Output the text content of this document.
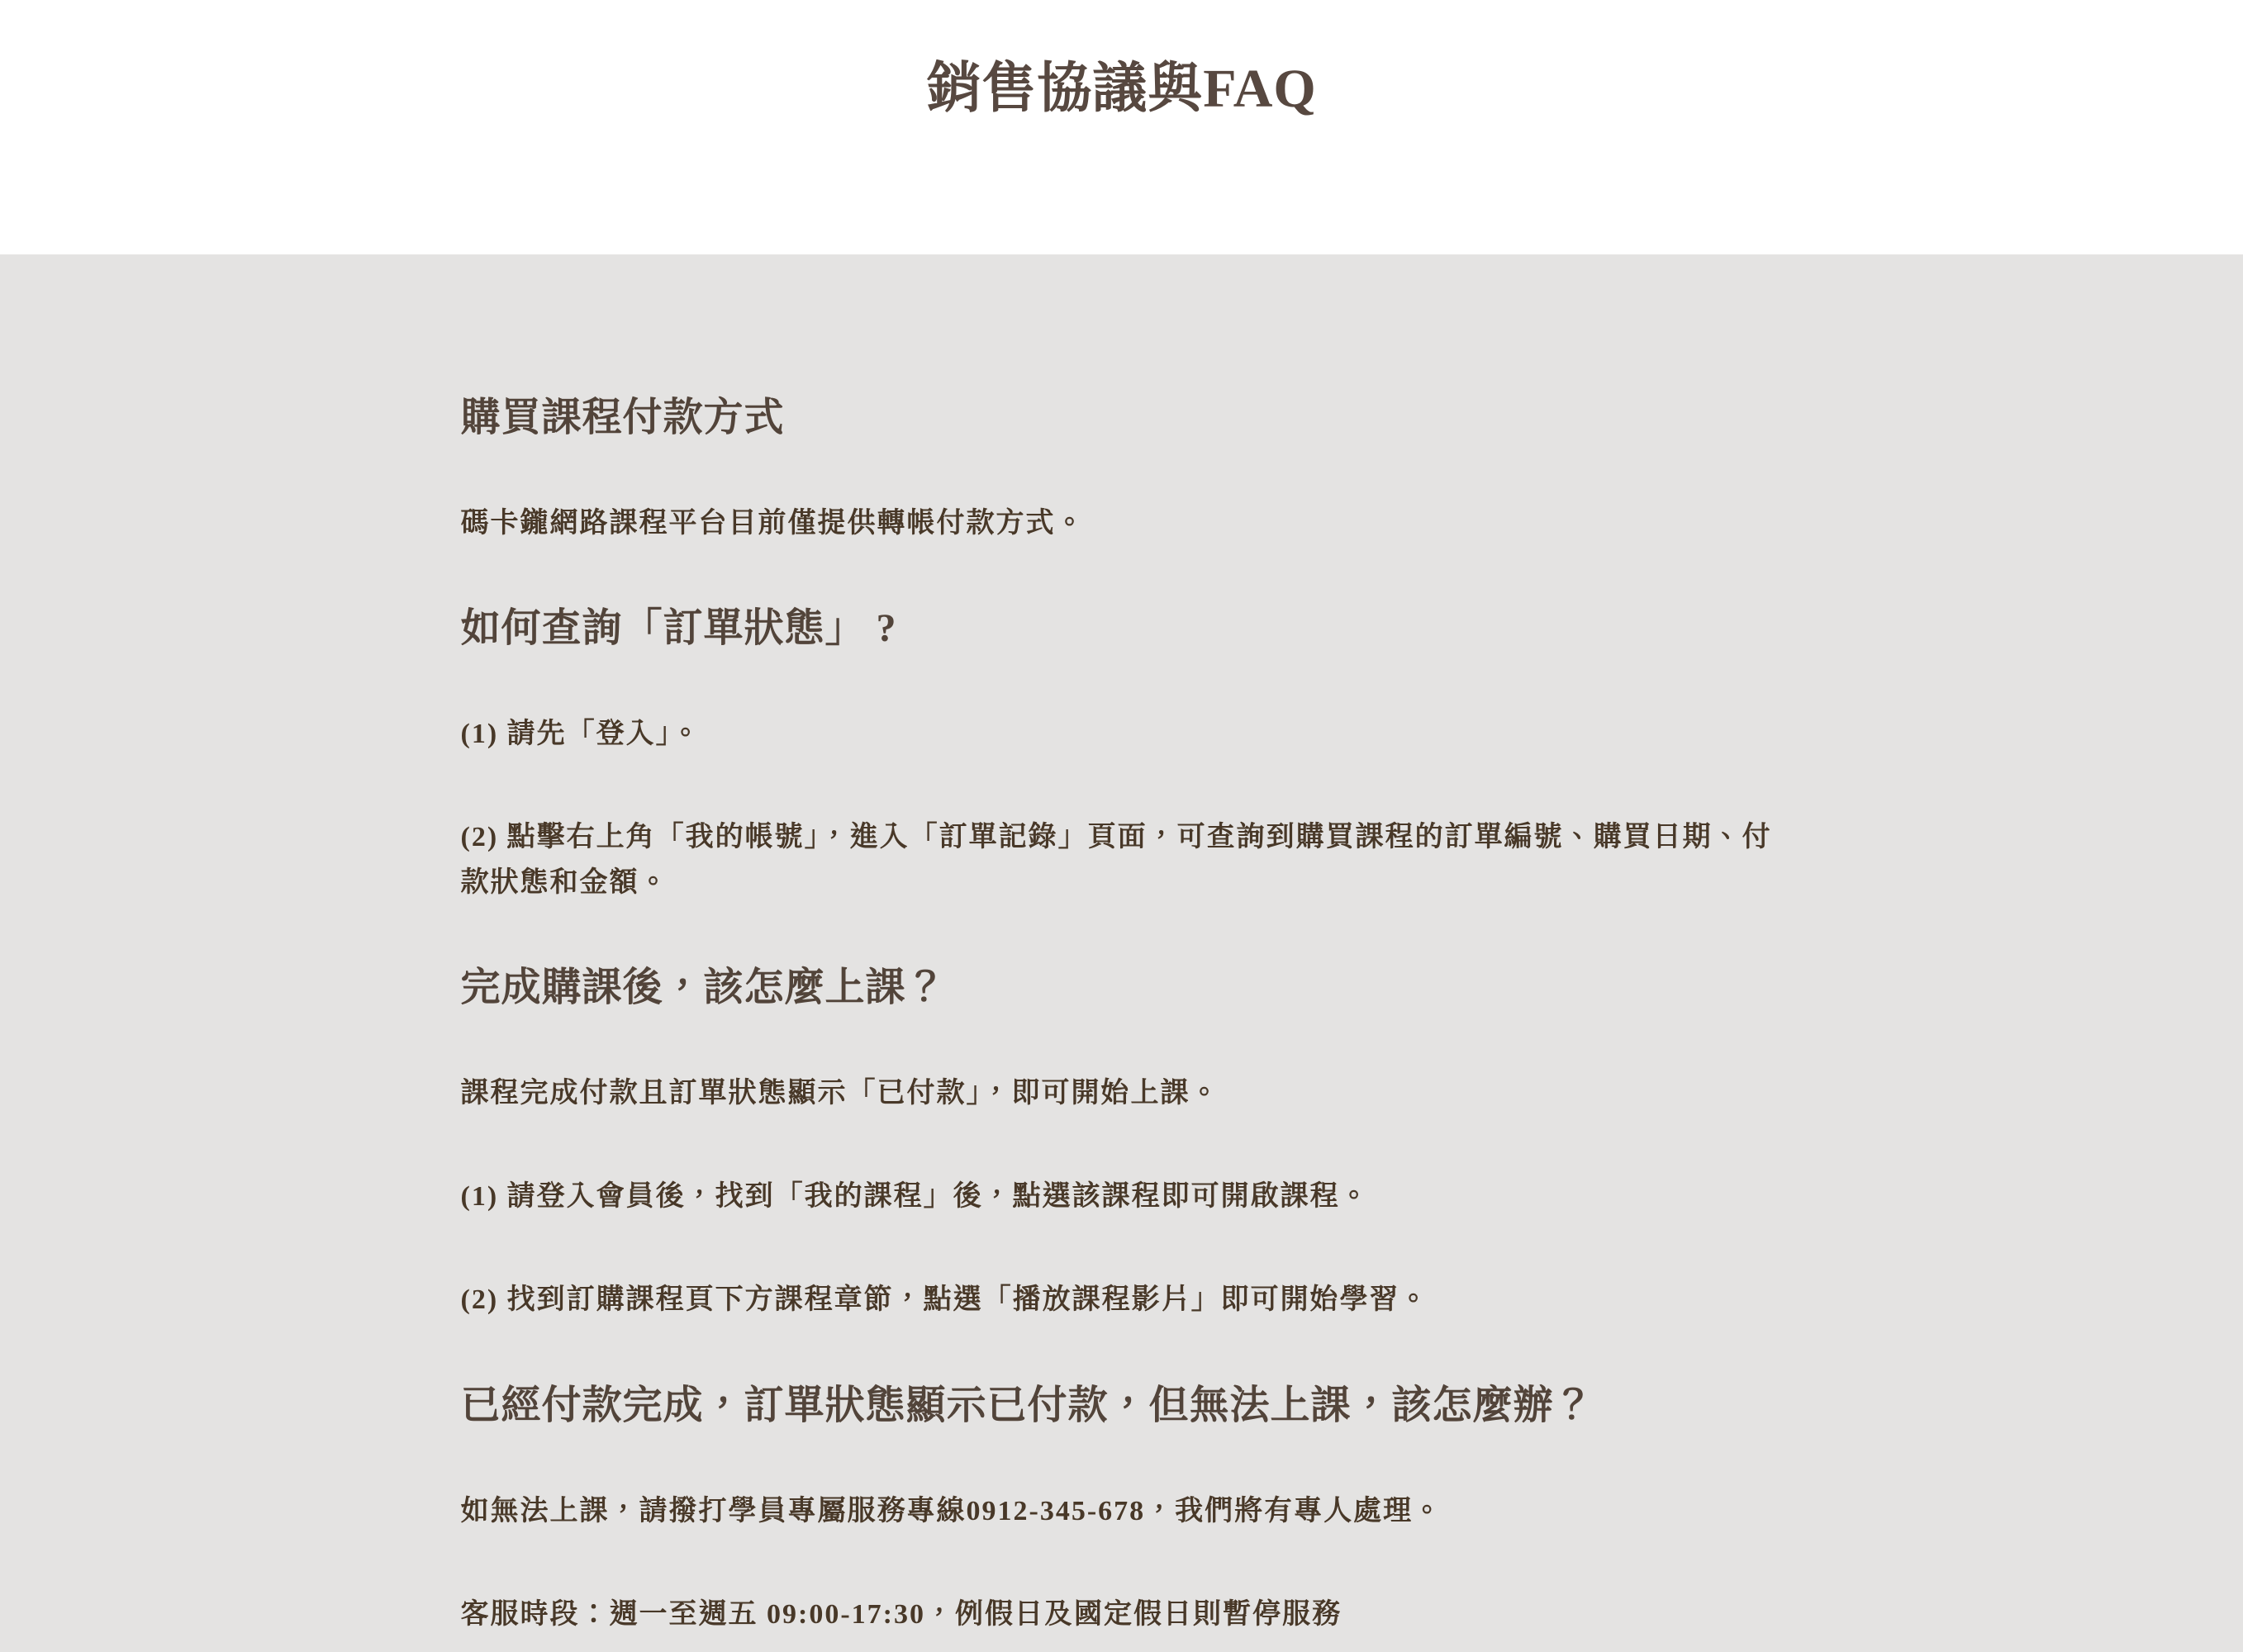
銷售協議與FAQ
購買課程付款方式

碼卡鑨網路課程平台目前僅提供轉帳付款方式。

如何查詢「訂單狀態」 ?

(1) 請先「登入」。

(2) 點擊右上角「我的帳號」，進入「訂單記錄」頁面，可查詢到購買課程的訂單編號、購買日期、付款狀態和金額。

完成購課後，該怎麼上課？

課程完成付款且訂單狀態顯示「已付款」，即可開始上課。

(1) 請登入會員後，找到「我的課程」後，點選該課程即可開啟課程。

(2) 找到訂購課程頁下方課程章節，點選「播放課程影片」即可開始學習。

已經付款完成，訂單狀態顯示已付款，但無法上課，該怎麼辦？

如無法上課，請撥打學員專屬服務專線0912-345-678，我們將有專人處理。

客服時段：週一至週五 09:00-17:30，例假日及國定假日則暫停服務
